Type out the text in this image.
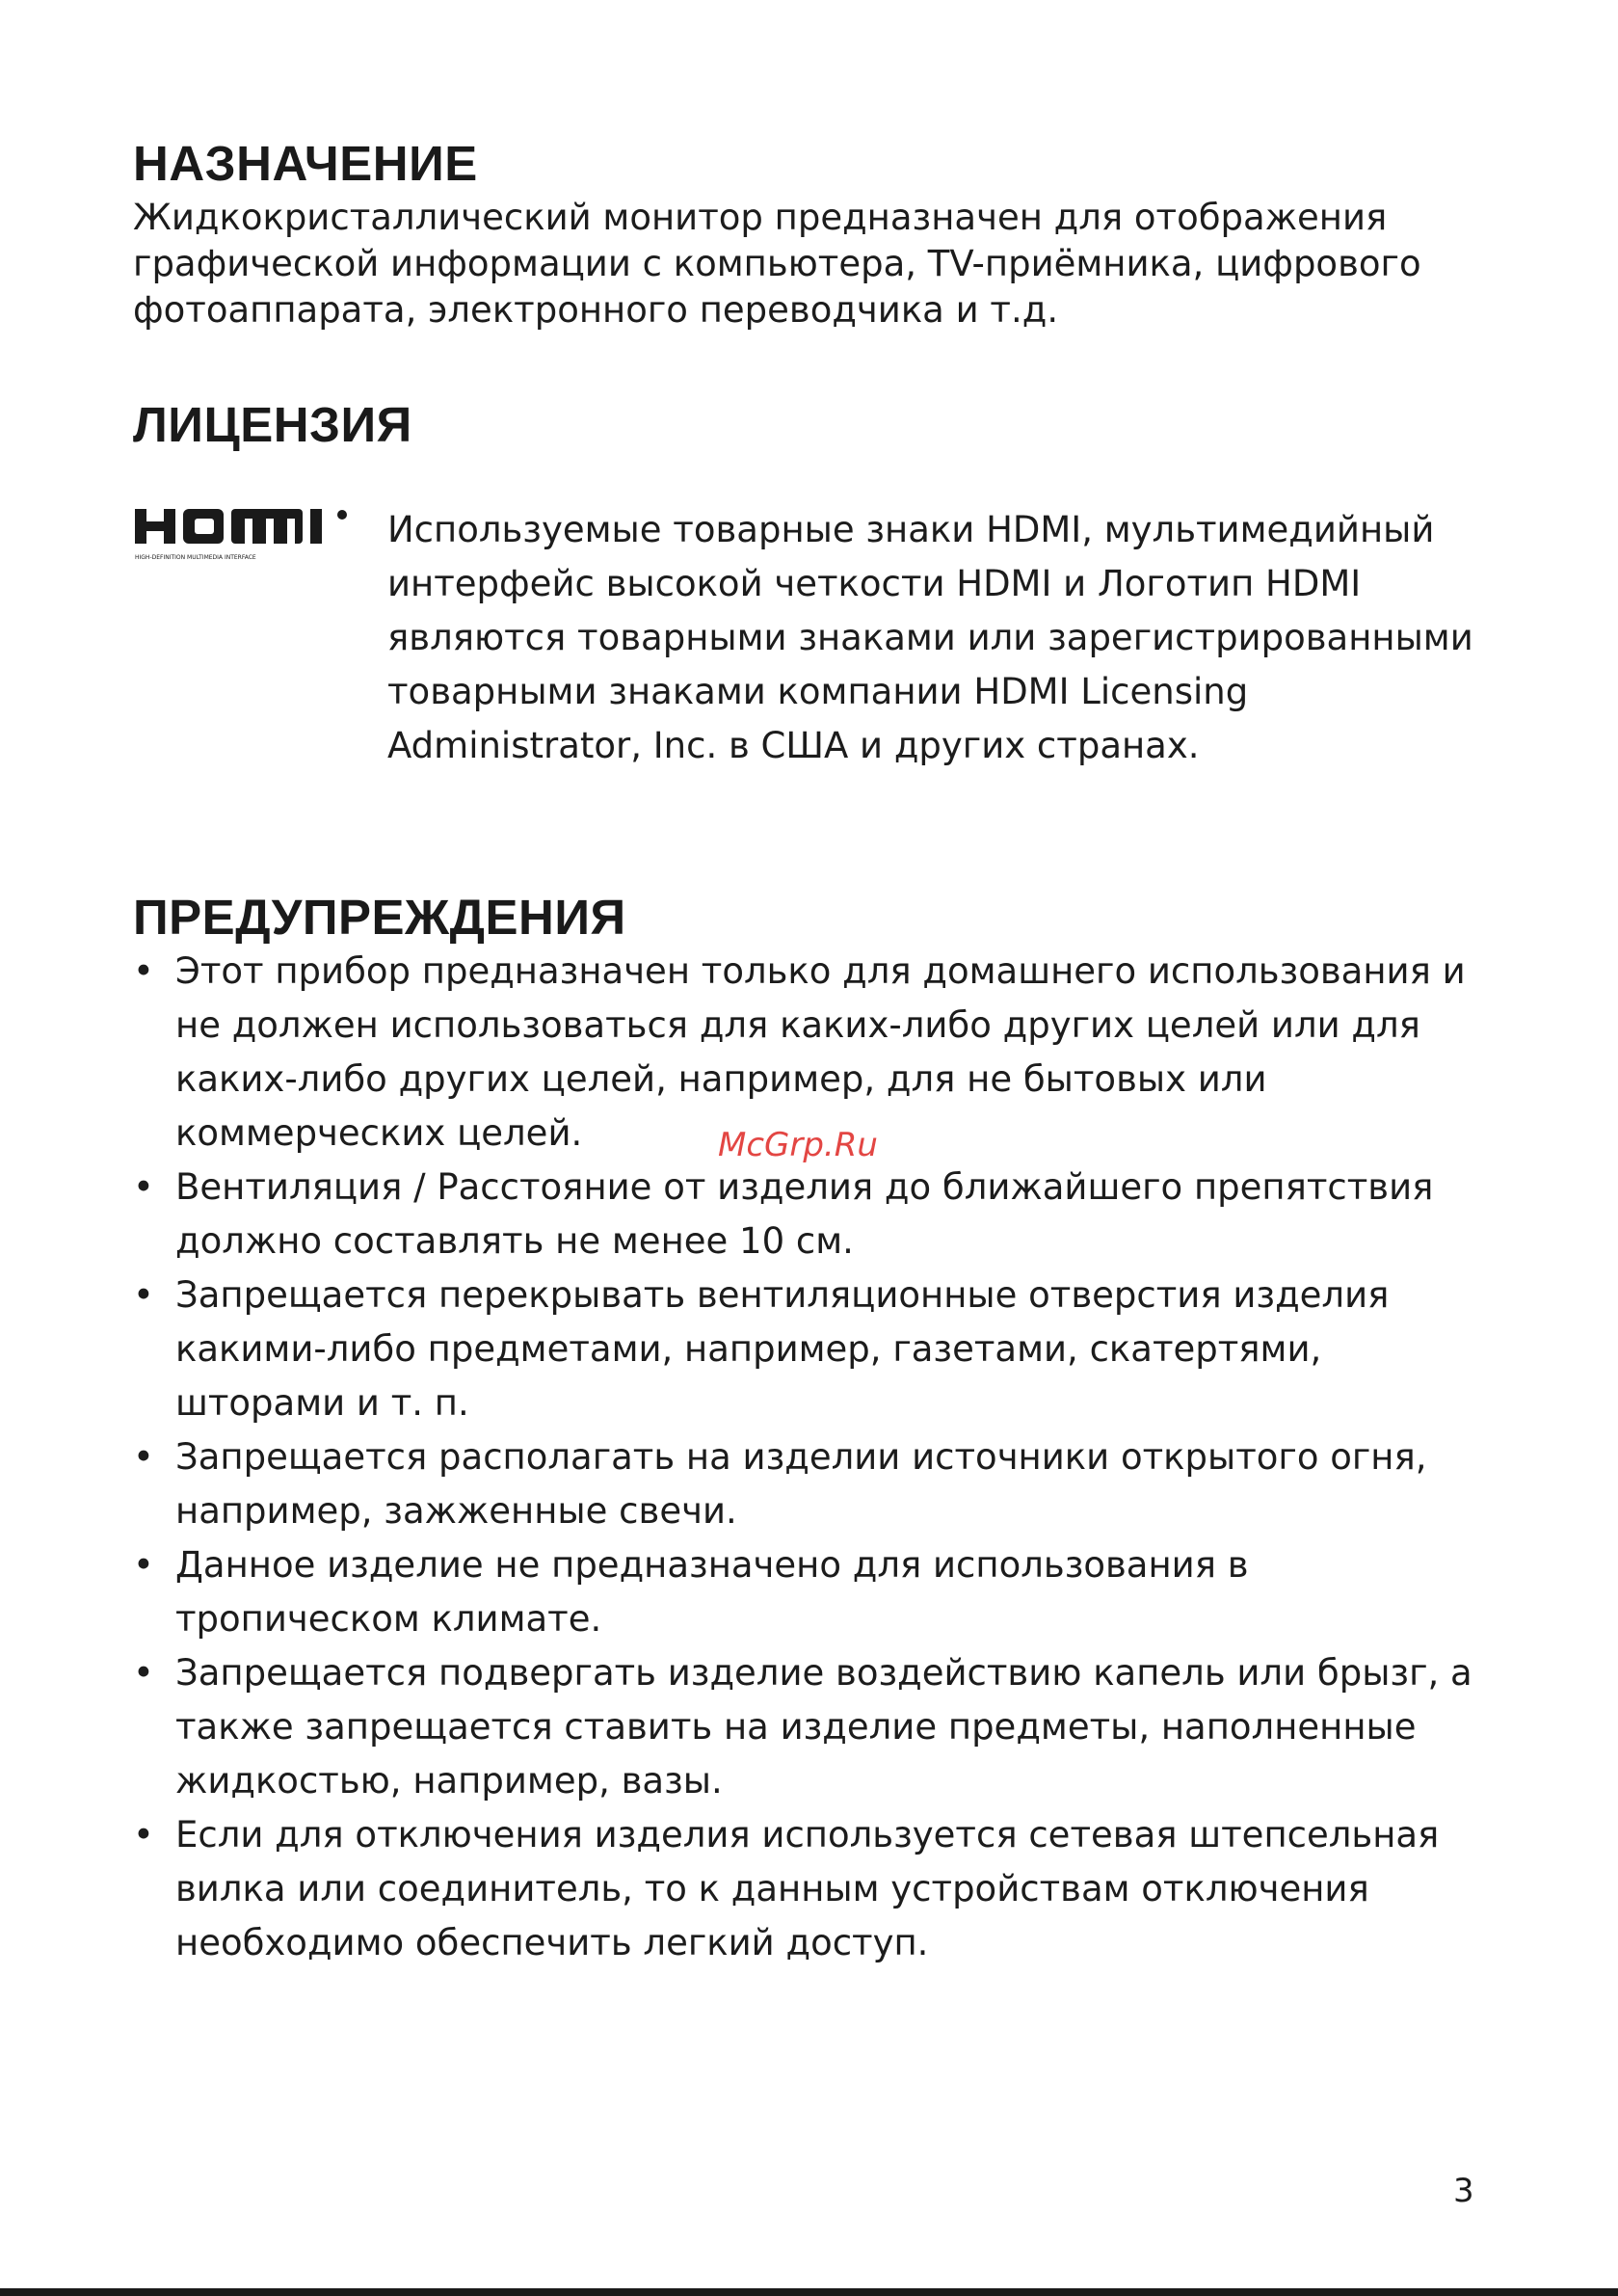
НАЗНАЧЕНИЕ

Жидкокристаллический монитор предназначен для отображения графической информации с компьютера, TV-приёмника, цифрового фотоаппарата, электронного переводчика и т.д.

ЛИЦЕНЗИЯ
HIGH-DEFINITION MULTIMEDIA INTERFACE

Используемые товарные знаки HDMI, мультимедийный интерфейс высокой четкости HDMI и Логотип HDMI являются товарными знаками или зарегистрированными товарными знаками компании HDMI Licensing Administrator, Inc. в США и других странах.

ПРЕДУПРЕЖДЕНИЯ
• Этот прибор предназначен только для домашнего использования и не должен использоваться для каких-либо других целей или для каких-либо других целей, например, для не бытовых или коммерческих целей.
• Вентиляция / Расстояние от изделия до ближайшего препятствия должно составлять не менее 10 см.
• Запрещается перекрывать вентиляционные отверстия изделия какими-либо предметами, например, газетами, скатертями, шторами и т. п.
• Запрещается располагать на изделии источники открытого огня, например, зажженные свечи.
• Данное изделие не предназначено для использования в тропическом климате.
• Запрещается подвергать изделие воздействию капель или брызг, а также запрещается ставить на изделие предметы, наполненные жидкостью, например, вазы.
• Если для отключения изделия используется сетевая штепсельная вилка или соединитель, то к данным устройствам отключения необходимо обеспечить легкий доступ.
McGrp.Ru
3
